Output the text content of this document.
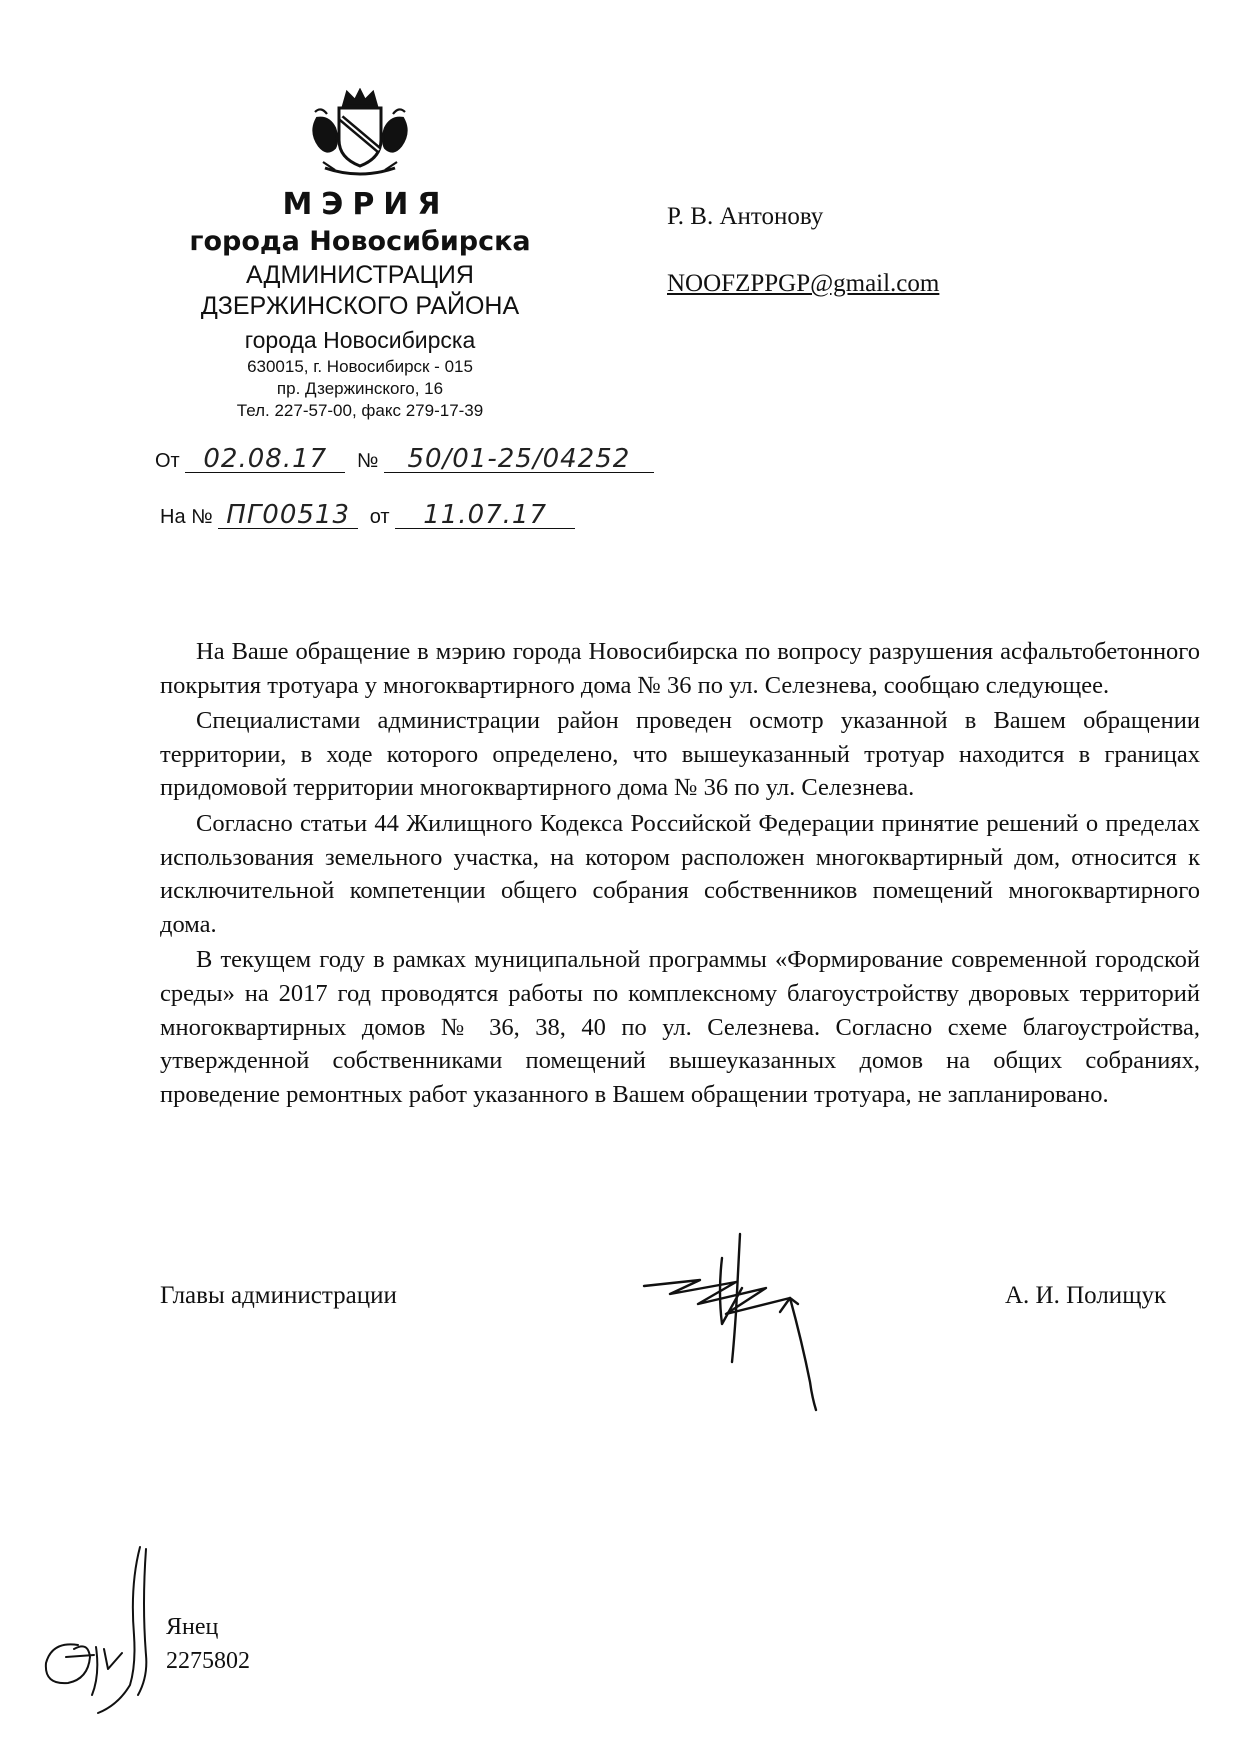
МЭРИЯ
города Новосибирска
АДМИНИСТРАЦИЯ
ДЗЕРЖИНСКОГО РАЙОНА
города Новосибирска
630015, г. Новосибирск - 015
пр. Дзержинского, 16
Тел. 227-57-00, факс 279-17-39
От 02.08.17 № 50/01-25/04252
На № ПГ00513 от 11.07.17
Р. В. Антонову
NOOFZPPGP@gmail.com

На Ваше обращение в мэрию города Новосибирска по вопросу разрушения асфальтобетонного покрытия тротуара у многоквартирного дома № 36 по ул. Селезнева, сообщаю следующее.

Специалистами администрации район проведен осмотр указанной в Вашем обращении территории, в ходе которого определено, что вышеуказанный тротуар находится в границах придомовой территории многоквартирного дома № 36 по ул. Селезнева.

Согласно статьи 44 Жилищного Кодекса Российской Федерации принятие решений о пределах использования земельного участка, на котором расположен многоквартирный дом, относится к исключительной компетенции общего собрания собственников помещений многоквартирного дома.

В текущем году в рамках муниципальной программы «Формирование современной городской среды» на 2017 год проводятся работы по комплексному благоустройству дворовых территорий многоквартирных домов № 36, 38, 40 по ул. Селезнева. Согласно схеме благоустройства, утвержденной собственниками помещений вышеуказанных домов на общих собраниях, проведение ремонтных работ указанного в Вашем обращении тротуара, не запланировано.

Главы администрации	А. И. Полищук
Янец
2275802
